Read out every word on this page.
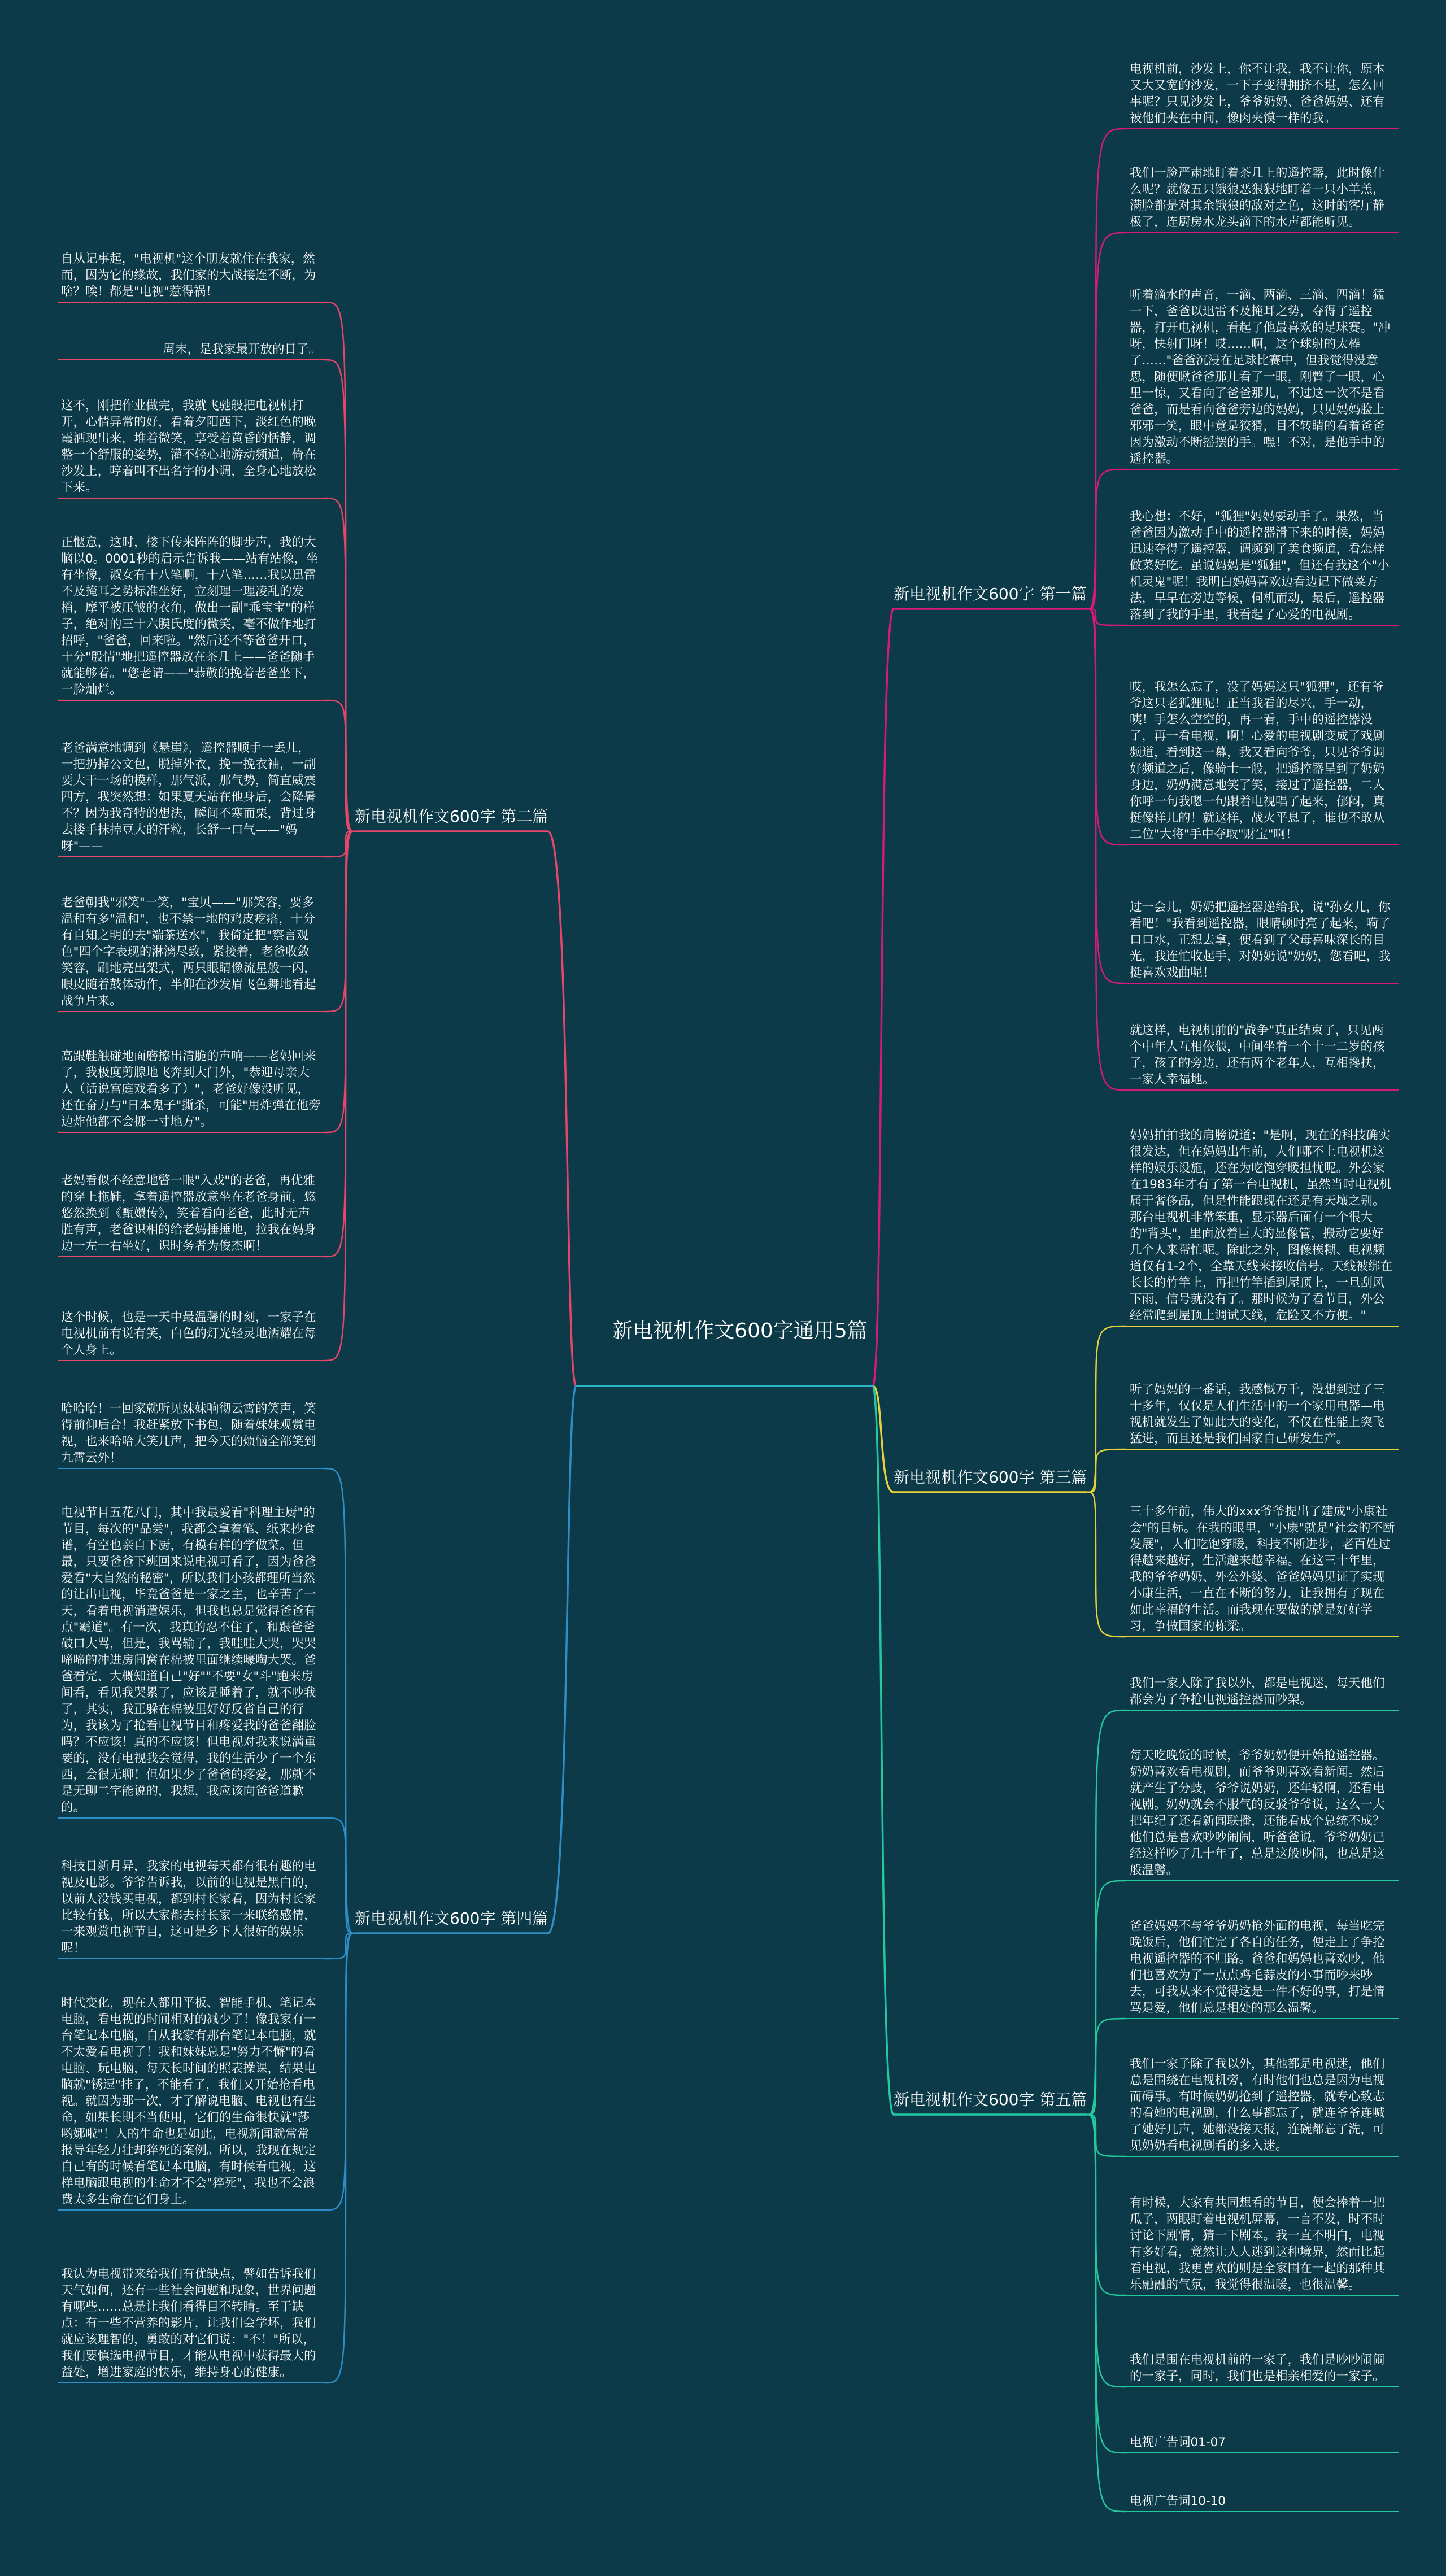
新电视机作文600字通用5篇
新电视机作文600字 第一篇
新电视机作文600字 第二篇
新电视机作文600字 第三篇
新电视机作文600字 第四篇
新电视机作文600字 第五篇
电视机前，沙发上，你不让我，我不让你，原本又大又宽的沙发，一下子变得拥挤不堪，怎么回事呢？只见沙发上，爷爷奶奶、爸爸妈妈、还有被他们夹在中间，像肉夹馍一样的我。
我们一脸严肃地盯着茶几上的遥控器，此时像什么呢？就像五只饿狼恶狠狠地盯着一只小羊羔，满脸都是对其余饿狼的敌对之色，这时的客厅静极了，连厨房水龙头滴下的水声都能听见。
听着滴水的声音，一滴、两滴、三滴、四滴！猛一下，爸爸以迅雷不及掩耳之势，夺得了遥控器，打开电视机，看起了他最喜欢的足球赛。"冲呀，快射门呀！哎……啊，这个球射的太棒了……"爸爸沉浸在足球比赛中，但我觉得没意思，随便瞅爸爸那儿看了一眼，刚瞥了一眼，心里一惊，又看向了爸爸那儿，不过这一次不是看爸爸，而是看向爸爸旁边的妈妈，只见妈妈脸上邪邪一笑，眼中竟是狡猾，目不转睛的看着爸爸因为激动不断摇摆的手。嘿！不对，是他手中的遥控器。
我心想：不好，"狐狸"妈妈要动手了。果然，当爸爸因为激动手中的遥控器滑下来的时候，妈妈迅速夺得了遥控器，调频到了美食频道，看怎样做菜好吃。虽说妈妈是"狐狸"，但还有我这个"小机灵鬼"呢！我明白妈妈喜欢边看边记下做菜方法，早早在旁边等候，伺机而动，最后，遥控器落到了我的手里，我看起了心爱的电视剧。
哎，我怎么忘了，没了妈妈这只"狐狸"，还有爷爷这只老狐狸呢！正当我看的尽兴，手一动，咦！手怎么空空的，再一看，手中的遥控器没了，再一看电视，啊！心爱的电视剧变成了戏剧频道，看到这一幕，我又看向爷爷，只见爷爷调好频道之后，像骑士一般，把遥控器呈到了奶奶身边，奶奶满意地笑了笑，接过了遥控器，二人你呼一句我嗯一句跟着电视唱了起来，郁闷，真挺像样儿的！就这样，战火平息了，谁也不敢从二位"大将"手中夺取"财宝"啊！
过一会儿，奶奶把遥控器递给我，说"孙女儿，你看吧！"我看到遥控器，眼睛顿时亮了起来，嗬了口口水，正想去拿，便看到了父母喜味深长的目光，我连忙收起手，对奶奶说"奶奶，您看吧，我挺喜欢戏曲呢！
就这样，电视机前的"战争"真正结束了，只见两个中年人互相依偎，中间坐着一个十一二岁的孩子，孩子的旁边，还有两个老年人，互相搀扶，一家人幸福地。
自从记事起，"电视机"这个朋友就住在我家，然而，因为它的缘故，我们家的大战接连不断，为啥？唉！都是"电视"惹得祸！
周末，是我家最开放的日子。
这不，刚把作业做完，我就飞驰般把电视机打开，心情异常的好，看着夕阳西下，淡红色的晚霞洒现出来，堆着微笑，享受着黄昏的恬静，调整一个舒服的姿势，灌不轻心地游动频道，倚在沙发上，哼着叫不出名字的小调，全身心地放松下来。
正惬意，这时，楼下传来阵阵的脚步声，我的大脑以0。0001秒的启示告诉我——站有站像，坐有坐像，淑女有十八笔啊，十八笔……我以迅雷不及掩耳之势标准坐好，立刻理一理凌乱的发梢，摩平被压皱的衣角，做出一副"乖宝宝"的样子，绝对的三十六膜氏度的微笑，毫不做作地打招呼，"爸爸，回来啦。"然后还不等爸爸开口，十分"殷情"地把遥控器放在茶几上——爸爸随手就能够着。"您老请——"恭敬的挽着老爸坐下，一脸灿烂。
老爸满意地调到《悬崖》，遥控器顺手一丢儿，一把扔掉公文包，脱掉外衣，挽一挽衣袖，一副要大干一场的模样，那气派，那气势，简直威震四方，我突然想：如果夏天站在他身后，会降暑不？因为我奇特的想法，瞬间不寒而栗，背过身去搂手抹掉豆大的汗粒，长舒一口气——"妈呀"——
老爸朝我"邪笑"一笑，"宝贝——"那笑容，要多温和有多"温和"，也不禁一地的鸡皮疙瘩，十分有自知之明的去"端茶送水"，我倚定把"察言观色"四个字表现的淋漓尽致，紧接着，老爸收敛笑容，刷地亮出架式，两只眼睛像流星般一闪，眼皮随着鼓体动作，半仰在沙发眉飞色舞地看起战争片来。
高跟鞋触碰地面磨擦出清脆的声响——老妈回来了，我极度剪腺地飞奔到大门外，"恭迎母亲大人（话说宫庭戏看多了）"，老爸好像没听见，还在奋力与"日本鬼子"撕杀，可能"用炸弹在他旁边炸他都不会挪一寸地方"。
老妈看似不经意地瞥一眼"入戏"的老爸，再优雅的穿上拖鞋，拿着遥控器放意坐在老爸身前，悠悠然换到《甄嬛传》，笑着看向老爸，此时无声胜有声，老爸识相的给老妈捶捶地，拉我在妈身边一左一右坐好，识时务者为俊杰啊！
这个时候，也是一天中最温馨的时刻，一家子在电视机前有说有笑，白色的灯光轻灵地洒耀在每个人身上。
妈妈拍拍我的肩膀说道："是啊，现在的科技确实很发达，但在妈妈出生前，人们哪不上电视机这样的娱乐设施，还在为吃饱穿暖担忧呢。外公家在1983年才有了第一台电视机，虽然当时电视机属于奢侈品，但是性能跟现在还是有天壤之别。那台电视机非常笨重，显示器后面有一个很大的"背头"，里面放着巨大的显像管，搬动它要好几个人来帮忙呢。除此之外，图像模糊、电视频道仅有1-2个，全靠天线来接收信号。天线被绑在长长的竹竿上，再把竹竿插到屋顶上，一旦刮风下雨，信号就没有了。那时候为了看节目，外公经常爬到屋顶上调试天线，危险又不方便。"
听了妈妈的一番话，我感慨万千，没想到过了三十多年，仅仅是人们生活中的一个家用电器—电视机就发生了如此大的变化，不仅在性能上突飞猛进，而且还是我们国家自己研发生产。
三十多年前，伟大的xxx爷爷提出了建成"小康社会"的目标。在我的眼里，"小康"就是"社会的不断发展"，人们吃饱穿暖，科技不断进步，老百姓过得越来越好，生活越来越幸福。在这三十年里，我的爷爷奶奶、外公外婆、爸爸妈妈见证了实现小康生活，一直在不断的努力，让我拥有了现在如此幸福的生活。而我现在要做的就是好好学习，争做国家的栋梁。
哈哈哈！一回家就听见妹妹响彻云霄的笑声，笑得前仰后合！我赶紧放下书包，随着妹妹观赏电视，也来哈哈大笑几声，把今天的烦恼全部笑到九霄云外！
电视节目五花八门，其中我最爱看"科理主厨"的节目，每次的"品尝"，我都会拿着笔、纸来抄食谱，有空也亲自下厨，有模有样的学做菜。但最，只要爸爸下班回来说电视可看了，因为爸爸爱看"大自然的秘密"，所以我们小孩都理所当然的让出电视，毕竟爸爸是一家之主，也辛苦了一天，看着电视消遣娱乐，但我也总是觉得爸爸有点"霸道"。有一次，我真的忍不住了，和跟爸爸破口大骂，但是，我骂输了，我哇哇大哭，哭哭啼啼的冲进房间窝在棉被里面继续嚎啕大哭。爸爸看完、大概知道自己"好""不要"女"斗"跑来房间看，看见我哭累了，应该是睡着了，就不吵我了，其实，我正躲在棉被里好好反省自己的行为，我该为了抢看电视节目和疼爱我的爸爸翻脸吗？不应该！真的不应该！但电视对我来说满重要的，没有电视我会觉得，我的生活少了一个东西，会很无聊！但如果少了爸爸的疼爱，那就不是无聊二字能说的，我想，我应该向爸爸道歉的。
科技日新月异，我家的电视每天都有很有趣的电视及电影。爷爷告诉我，以前的电视是黑白的，以前人没钱买电视，都到村长家看，因为村长家比较有钱，所以大家都去村长家一来联络感情，一来观赏电视节目，这可是乡下人很好的娱乐呢！
时代变化，现在人都用平板、智能手机、笔记本电脑，看电视的时间相对的减少了！像我家有一台笔记本电脑，自从我家有那台笔记本电脑，就不太爱看电视了！我和妹妹总是"努力不懈"的看电脑、玩电脑，每天长时间的照表操课，结果电脑就"锈逗"挂了，不能看了，我们又开始抢看电视。就因为那一次，才了解说电脑、电视也有生命，如果长期不当使用，它们的生命很快就"莎哟娜啦"！人的生命也是如此，电视新闻就常常报导年轻力壮却猝死的案例。所以，我现在规定自己有的时候看笔记本电脑，有时候看电视，这样电脑跟电视的生命才不会"猝死"，我也不会浪费太多生命在它们身上。
我认为电视带来给我们有优缺点，譬如告诉我们天气如何，还有一些社会问题和现象，世界问题有哪些……总是让我们看得目不转睛。至于缺点：有一些不营养的影片，让我们会学坏，我们就应该理智的，勇敢的对它们说："不！"所以，我们要慎选电视节目，才能从电视中获得最大的益处，增进家庭的快乐，维持身心的健康。
我们一家人除了我以外，都是电视迷，每天他们都会为了争抢电视遥控器而吵架。
每天吃晚饭的时候，爷爷奶奶便开始抢遥控器。奶奶喜欢看电视剧，而爷爷则喜欢看新闻。然后就产生了分歧，爷爷说奶奶，还年轻啊，还看电视剧。奶奶就会不服气的反驳爷爷说，这么一大把年纪了还看新闻联播，还能看成个总统不成？他们总是喜欢吵吵闹闹，听爸爸说，爷爷奶奶已经这样吵了几十年了，总是这般吵闹，也总是这般温馨。
爸爸妈妈不与爷爷奶奶抢外面的电视，每当吃完晚饭后，他们忙完了各自的任务，便走上了争抢电视遥控器的不归路。爸爸和妈妈也喜欢吵，他们也喜欢为了一点点鸡毛蒜皮的小事而吵来吵去，可我从来不觉得这是一件不好的事，打是情骂是爱，他们总是相处的那么温馨。
我们一家子除了我以外，其他都是电视迷，他们总是围绕在电视机旁，有时他们也总是因为电视而碍事。有时候奶奶抢到了遥控器，就专心致志的看她的电视剧，什么事都忘了，就连爷爷连喊了她好几声，她都没接天报，连碗都忘了洗，可见奶奶看电视剧看的多入迷。
有时候，大家有共同想看的节目，便会捧着一把瓜子，两眼盯着电视机屏幕，一言不发，时不时讨论下剧情，猜一下剧本。我一直不明白，电视有多好看，竟然让人人迷到这种境界，然而比起看电视，我更喜欢的则是全家围在一起的那种其乐融融的气氛，我觉得很温暖，也很温馨。
我们是围在电视机前的一家子，我们是吵吵闹闹的一家子，同时，我们也是相亲相爱的一家子。
电视广告词01-07
电视广告词10-10
